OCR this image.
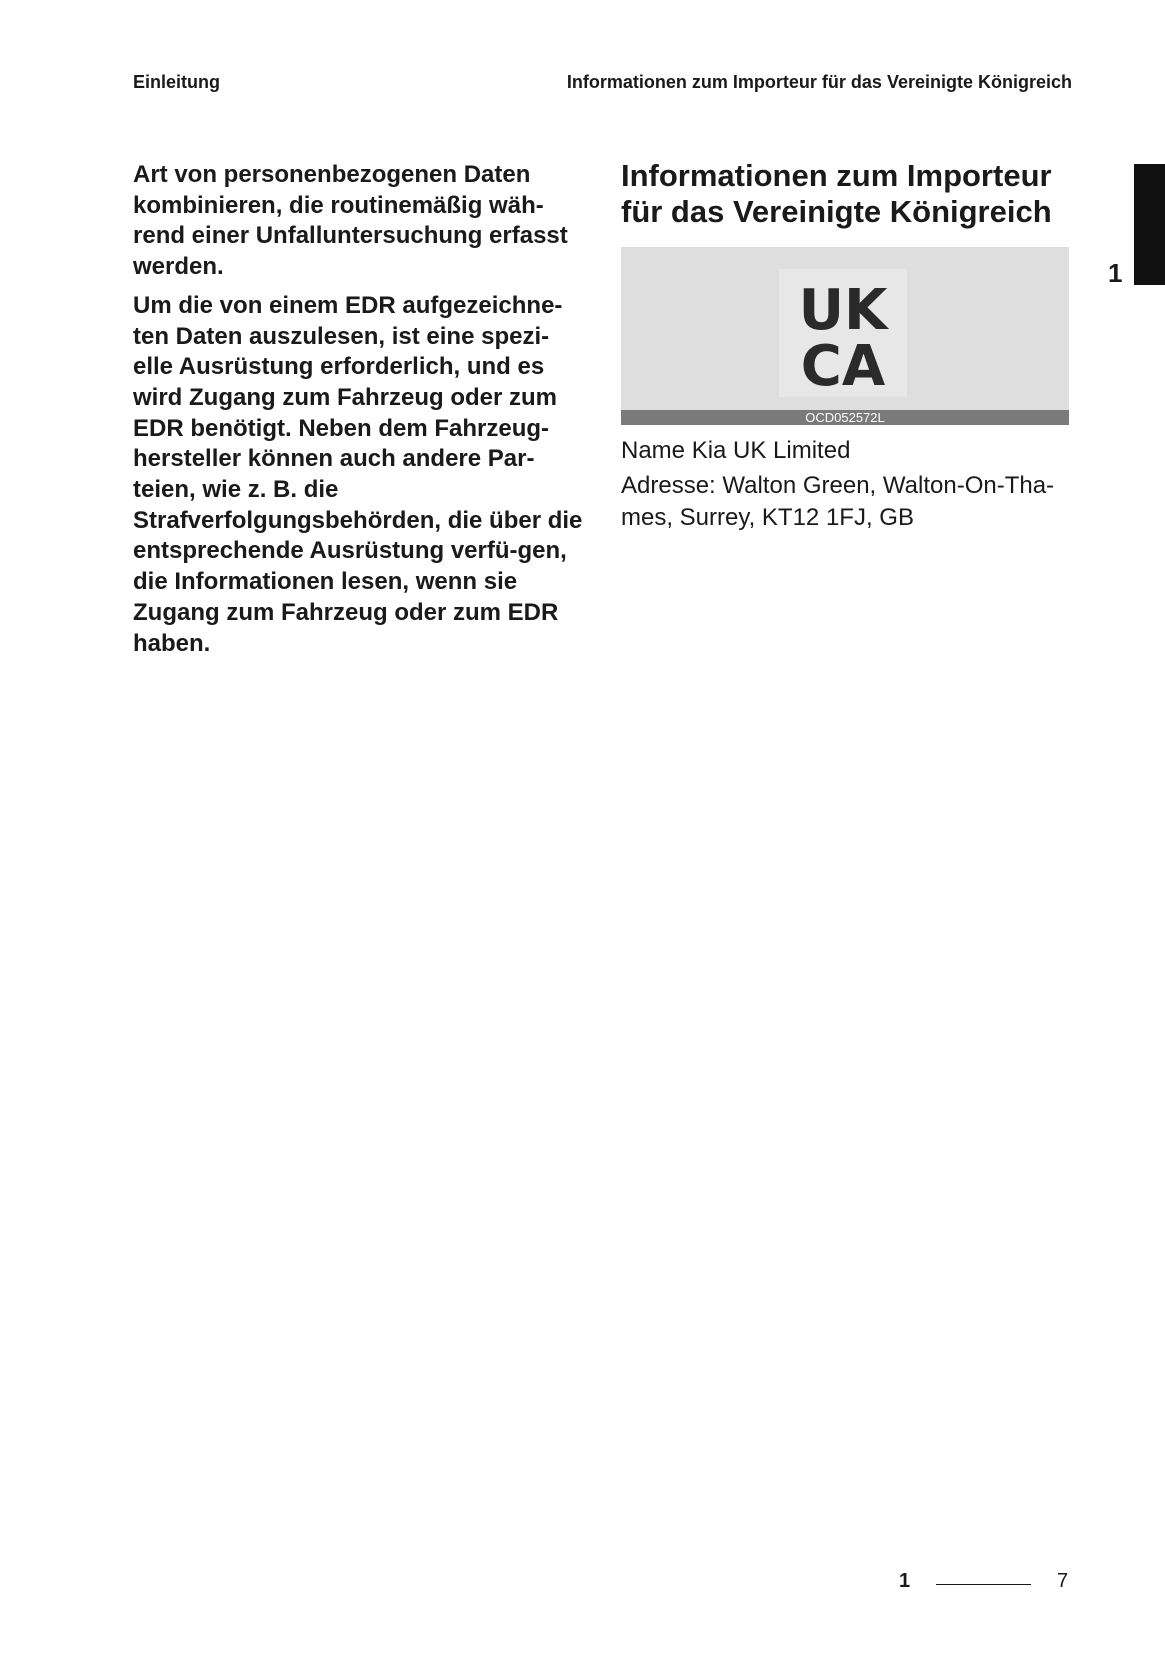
Einleitung	Informationen zum Importeur für das Vereinigte Königreich

Art von personenbezogenen Daten kombinieren, die routinemäßig wäh-rend einer Unfalluntersuchung erfasst werden.

Um die von einem EDR aufgezeichne-ten Daten auszulesen, ist eine spezi-elle Ausrüstung erforderlich, und es wird Zugang zum Fahrzeug oder zum EDR benötigt. Neben dem Fahrzeug-hersteller können auch andere Par-teien, wie z. B. die Strafverfolgungsbehörden, die über die entsprechende Ausrüstung verfü-gen, die Informationen lesen, wenn sie Zugang zum Fahrzeug oder zum EDR haben.

Informationen zum Importeur für das Vereinigte Königreich
UK
CA
OCD052572L

Name Kia UK Limited

Adresse: Walton Green, Walton-On-Tha-mes, Surrey, KT12 1FJ, GB

1
1	7
